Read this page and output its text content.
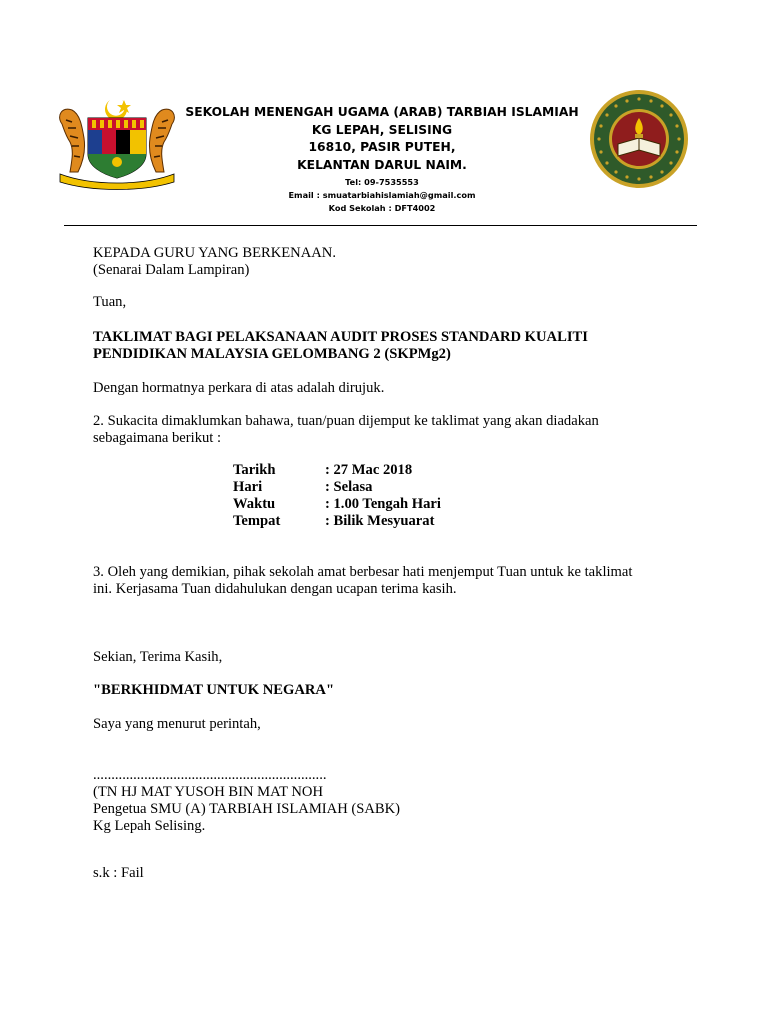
SEKOLAH MENENGAH UGAMA (ARAB) TARBIAH ISLAMIAH
KG LEPAH, SELISING
16810, PASIR PUTEH,
KELANTAN DARUL NAIM.
Tel: 09-7535553
Email : smuatarbiahislamiah@gmail.com
Kod Sekolah : DFT4002
KEPADA GURU YANG BERKENAAN.
(Senarai Dalam Lampiran)
Tuan,
TAKLIMAT BAGI PELAKSANAAN AUDIT PROSES STANDARD KUALITI
PENDIDIKAN MALAYSIA GELOMBANG 2 (SKPMg2)
Dengan hormatnya perkara di atas adalah dirujuk.
2. Sukacita dimaklumkan bahawa, tuan/puan dijemput ke taklimat yang akan diadakan
sebagaimana berikut :
Tarikh	: 27 Mac 2018
Hari	: Selasa
Waktu	: 1.00 Tengah Hari
Tempat	: Bilik Mesyuarat
3. Oleh yang demikian, pihak sekolah amat berbesar hati menjemput Tuan untuk ke taklimat
ini. Kerjasama Tuan didahulukan dengan ucapan terima kasih.
Sekian, Terima Kasih,
"BERKHIDMAT UNTUK NEGARA"
Saya yang menurut perintah,
................................................................
(TN HJ MAT YUSOH BIN MAT NOH
Pengetua SMU (A) TARBIAH ISLAMIAH (SABK)
Kg Lepah Selising.
s.k : Fail
